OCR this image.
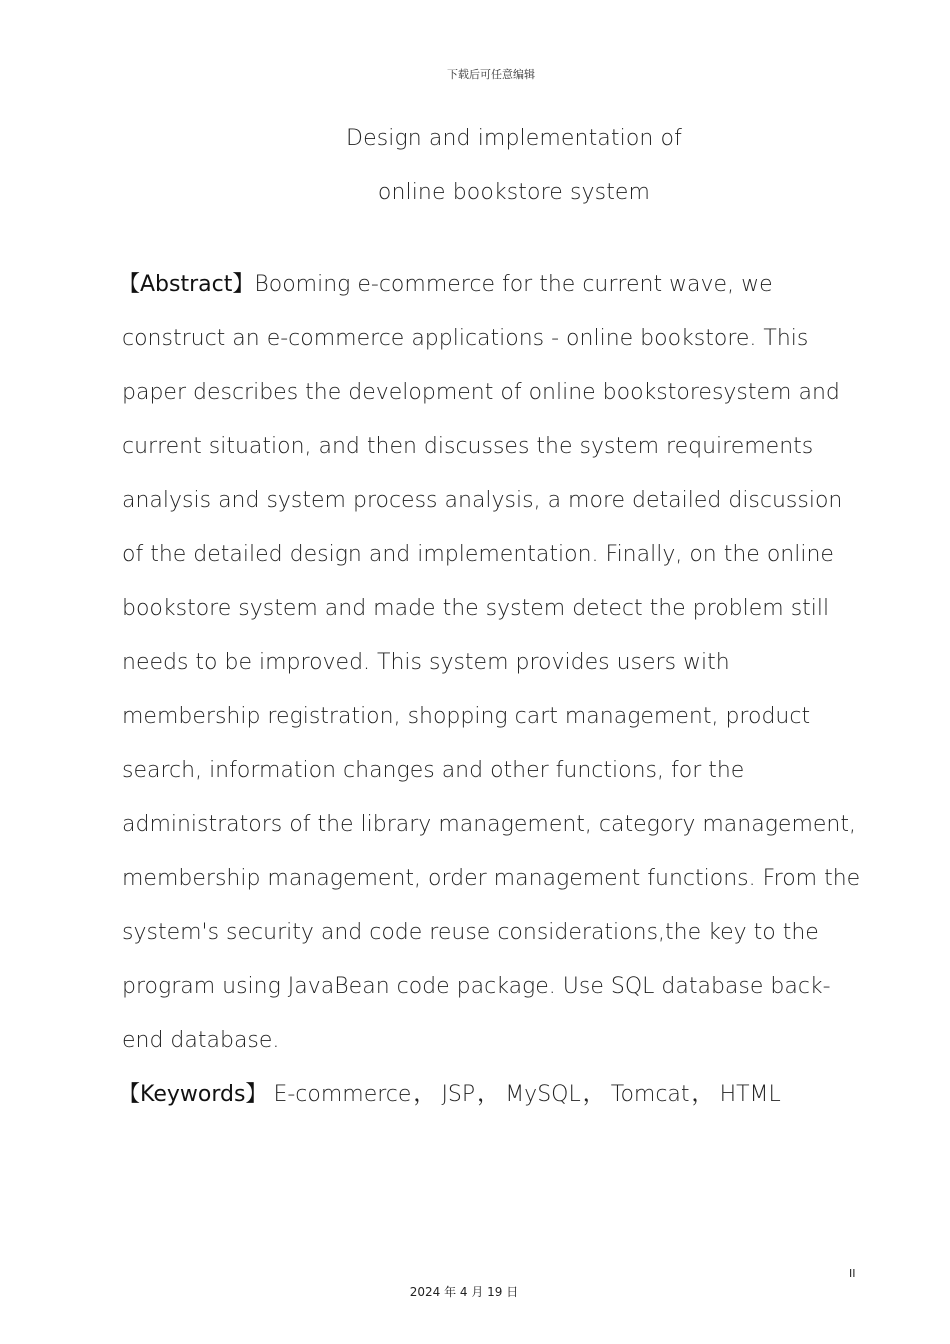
下载后可任意编辑
Design and implementation of
online bookstore system

【Abstract】Booming e-commerce for the current wave, we construct an e-commerce applications - online bookstore. This paper describes the development of online bookstoresystem and current situation, and then discusses the system requirements analysis and system process analysis, a more detailed discussion of the detailed design and implementation. Finally, on the online bookstore system and made the system detect the problem still needs to be improved. This system provides users with membership registration, shopping cart management, product search, information changes and other functions, for the administrators of the library management, category management, membership management, order management functions. From the system's security and code reuse considerations,the key to the program using JavaBean code package. Use SQL database back-end database.

【Keywords】 E-commerce， JSP， MySQL， Tomcat， HTML

II
2024 年 4 月 19 日
